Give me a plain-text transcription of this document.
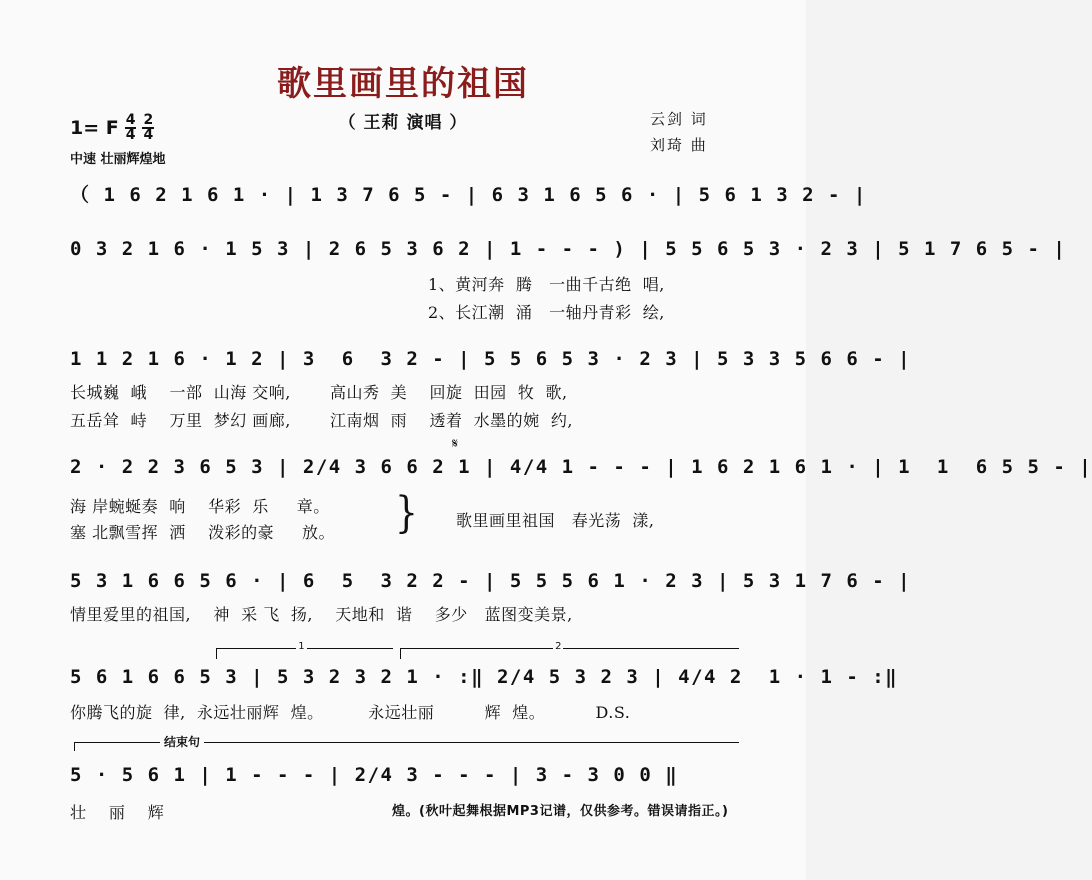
歌里画里的祖国
（ 王莉 演唱 ）
1= F $\frac{4}{4} \frac{2}{4}$
中速 壮丽辉煌地
云剑 词
刘琦 曲
（ 1 6 2 1 6 1 · | 1 3 7 6 5 - | 6 3 1 6 5 6 · | 5 6 1 3 2 - |
0 3 2 1 6 · 1 5 3 | 2 6 5 3 6 2 | 1 - - - ) | 5 5 6 5 3 · 2 3 | 5 1 7 6 5 - |
1、黄河奔  腾   一曲千古绝  唱,
2、长江潮  涌   一轴丹青彩  绘,
1 1 2 1 6 · 1 2 | 3  6  3 2 - | 5 5 6 5 3 · 2 3 | 5 3 3 5 6 6 - |
长城巍  峨    一部  山海 交响,       高山秀  美    回旋  田园  牧  歌,
五岳耸  峙    万里  梦幻 画廊,       江南烟  雨    透着  水墨的婉  约,
𝄋
2 · 2 2 3 6 5 3 | 2/4 3 6 6 2 1 | 4/4 1 - - - | 1 6 2 1 6 1 · | 1  1  6 5 5 - |
海 岸蜿蜒奏  响    华彩  乐     章。
塞 北飘雪挥  洒    泼彩的豪     放。	} 歌里画里祖国   春光荡  漾,
5 3 1 6 6 5 6 · | 6  5  3 2 2 - | 5 5 5 6 1 · 2 3 | 5 3 1 7 6 - |
情里爱里的祖国,    神  采 飞  扬,    天地和  谐    多少   蓝图变美景,
1	2
5 6 1 6 6 5 3 | 5 3 2 3 2 1 · :‖ 2/4 5 3 2 3 | 4/4 2  1 · 1 - :‖
你腾飞的旋  律,  永远壮丽辉  煌。        永远壮丽         辉  煌。         D.S.
结束句
5 · 5 6 1 | 1 - - - | 2/4 3 - - - | 3 - 3 0 0 ‖
壮    丽    辉	煌。(秋叶起舞根据MP3记谱，仅供参考。错误请指正。)
